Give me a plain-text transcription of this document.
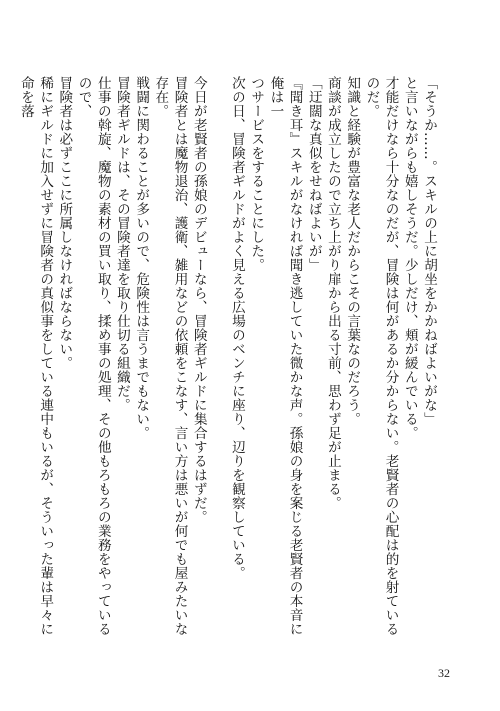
「そうか……。スキルの上に胡坐をかかねばよいがな」

と言いながらも嬉しそうだ。少しだけ、頬が緩んでいる。

才能だけなら十分なのだが、冒険は何があるか分からない。老賢者の心配は的を射ているのだ。

知識と経験が豊富な老人だからこその言葉なのだろう。

商談が成立したので立ち上がり扉から出る寸前、思わず足が止まる。

「迂闊な真似をせねばよいが」

『聞き耳』スキルがなければ聞き逃していた微かな声。孫娘の身を案じる老賢者の本音に俺は一

つサービスをすることにした。

次の日、冒険者ギルドがよく見える広場のベンチに座り、辺りを観察している。

今日が老賢者の孫娘のデビューなら、冒険者ギルドに集合するはずだ。

冒険者とは魔物退治、護衛、雑用などの依頼をこなす、言い方は悪いが何でも屋みたいな存在。

戦闘に関わることが多いので、危険性は言うまでもない。

冒険者ギルドは、その冒険者達を取り仕切る組織だ。

仕事の斡旋、魔物の素材の買い取り、揉め事の処理、その他もろもろの業務をやっているので、

冒険者は必ずここに所属しなければならない。

稀にギルドに加入せずに冒険者の真似事をしている連中もいるが、そういった輩は早々に命を落

32
